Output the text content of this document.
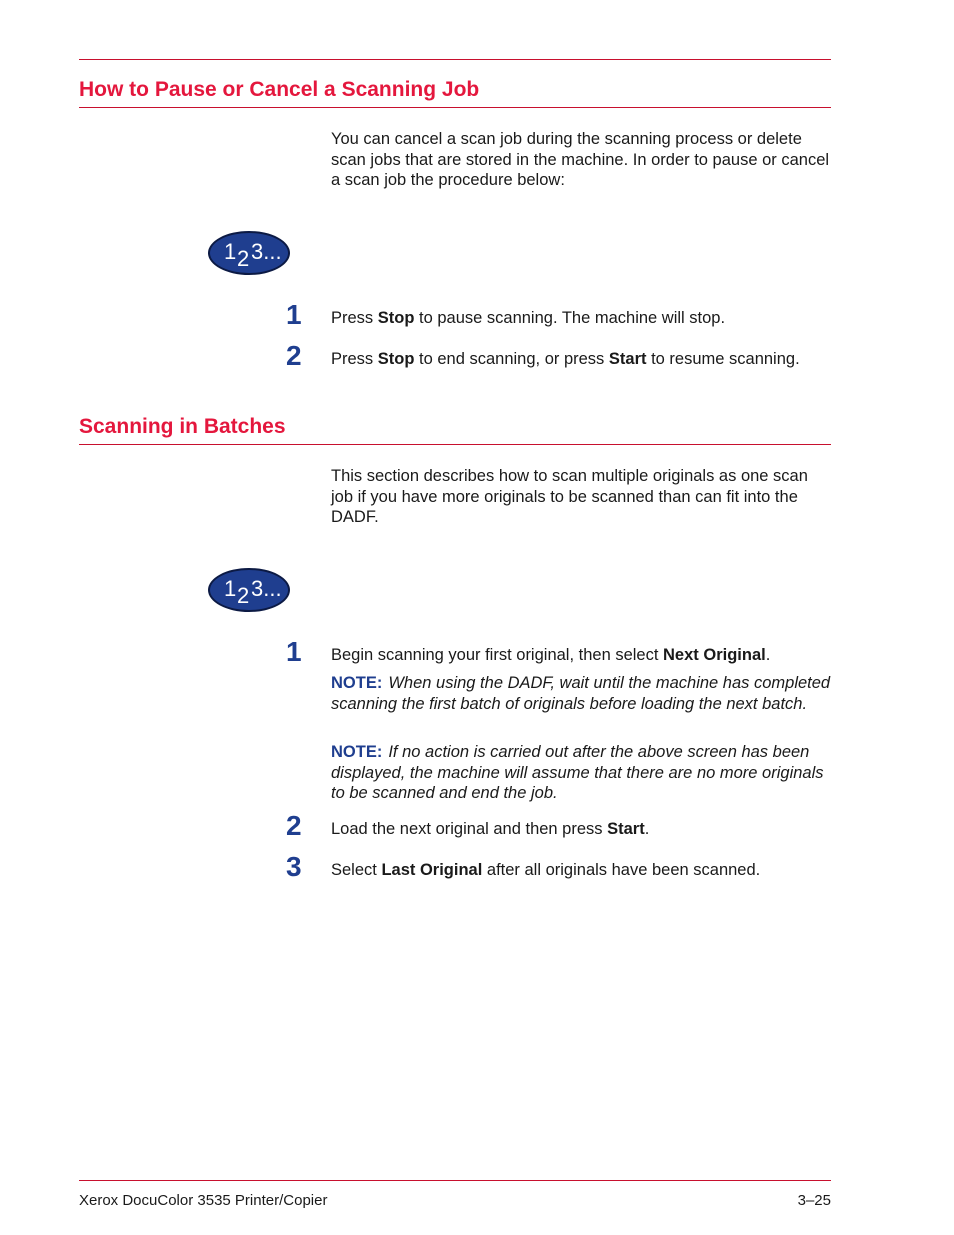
How to Pause or Cancel a Scanning Job

You can cancel a scan job during the scanning process or delete scan jobs that are stored in the machine. In order to pause or cancel a scan job the procedure below:

1 2 3...
1 Press Stop to pause scanning. The machine will stop.

2 Press Stop to end scanning, or press Start to resume scanning.

Scanning in Batches

This section describes how to scan multiple originals as one scan job if you have more originals to be scanned than can fit into the DADF.

1 2 3...
1 Begin scanning your first original, then select Next Original.

NOTE: When using the DADF, wait until the machine has completed scanning the first batch of originals before loading the next batch.

NOTE: If no action is carried out after the above screen has been displayed, the machine will assume that there are no more originals to be scanned and end the job.

2 Load the next original and then press Start.

3 Select Last Original after all originals have been scanned.

Xerox DocuColor 3535 Printer/Copier	3–25
